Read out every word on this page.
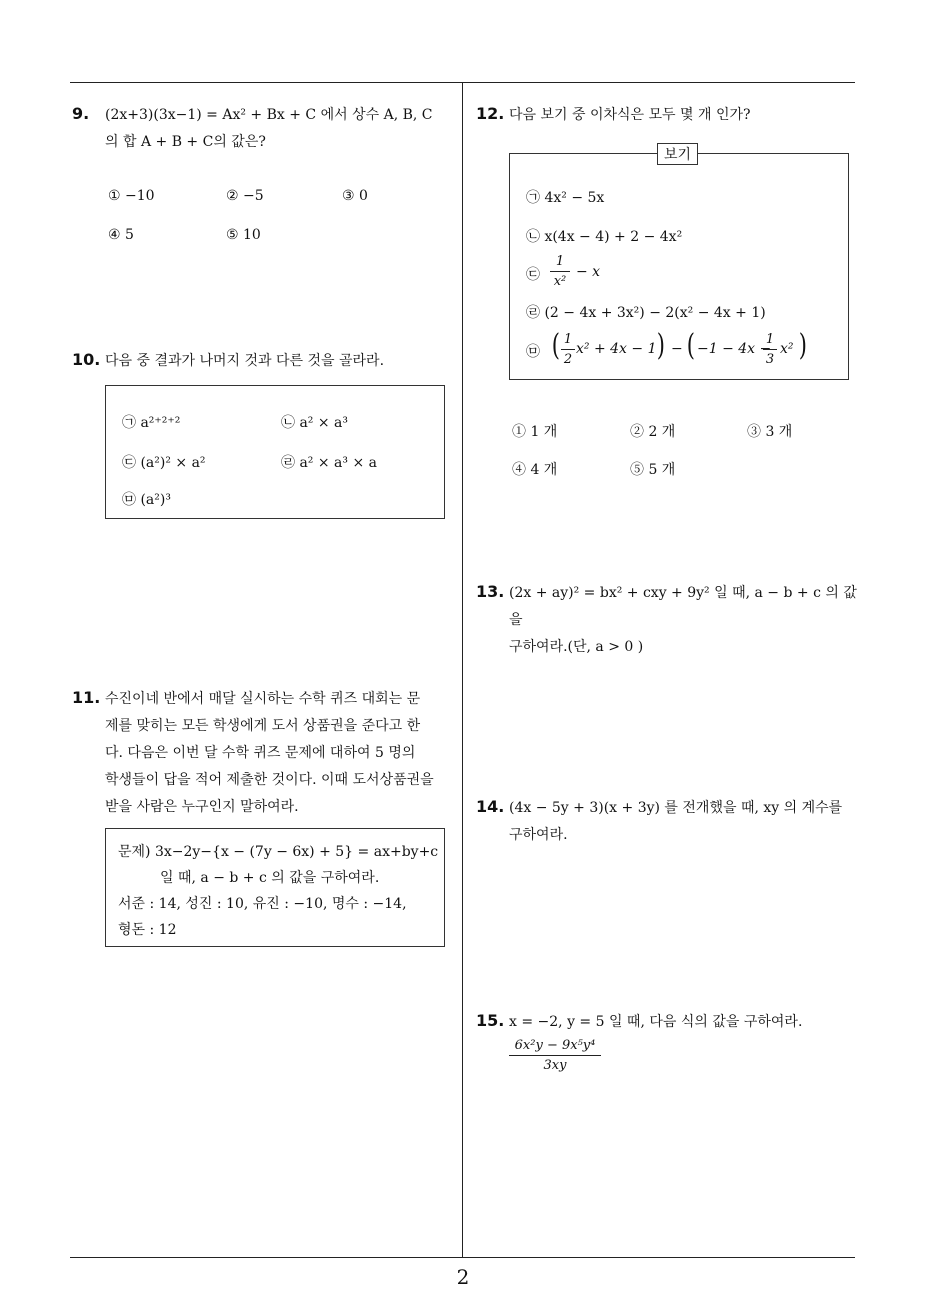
2
9. (2x+3)(3x−1) = Ax² + Bx + C 에서 상수 A, B, C
의 합 A + B + C의 값은?
① −10	② −5	③ 0
④ 5	⑤ 10
10. 다음 중 결과가 나머지 것과 다른 것을 골라라.
㉠ a²⁺²⁺²	㉡ a² × a³
㉢ (a²)² × a²	㉣ a² × a³ × a
㉤ (a²)³
11. 수진이네 반에서 매달 실시하는 수학 퀴즈 대회는 문
제를 맞히는 모든 학생에게 도서 상품권을 준다고 한
다. 다음은 이번 달 수학 퀴즈 문제에 대하여 5 명의
학생들이 답을 적어 제출한 것이다. 이때 도서상품권을
받을 사람은 누구인지 말하여라.
문제) 3x−2y−{x − (7y − 6x) + 5} = ax+by+c
일 때, a − b + c 의 값을 구하여라.
서준 : 14, 성진 : 10, 유진 : −10, 명수 : −14,
형돈 : 12
12. 다음 보기 중 이차식은 모두 몇 개 인가?
㉠ 4x² − 5x
㉡ x(4x − 4) + 2 − 4x²
㉢ $\frac{1}{\text{x²}} - x$
㉣ (2 − 4x + 3x²) − 2(x² − 4x + 1)
㉤ ( $\frac{1}{2} x^2 + 4x - 1$ ) − ( −1 − 4x −
$\frac{1}{3} x^2$ )
보기
① 1 개	② 2 개	③ 3 개
④ 4 개	⑤ 5 개
13. (2x + ay)² = bx² + cxy + 9y² 일 때, a − b + c 의 값을
구하여라.(단, a > 0 )
14. (4x − 5y + 3)(x + 3y) 를 전개했을 때, xy 의 계수를
구하여라.
15. x = −2, y = 5 일 때, 다음 식의 값을 구하여라.
$\frac{\text{6x²y − 9x⁵y⁴}}{3xy}$
